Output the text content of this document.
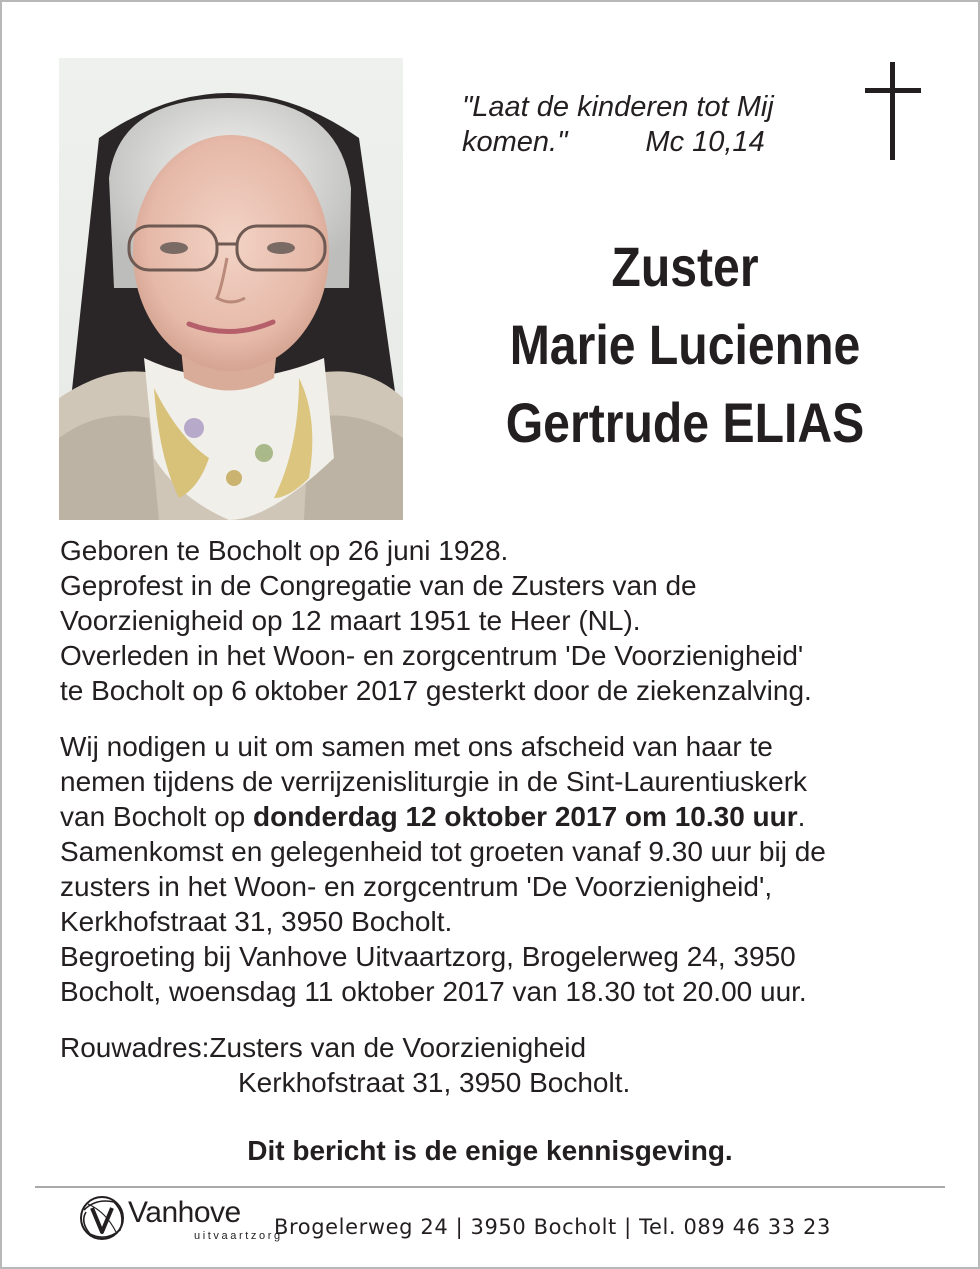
"Laat de kinderen tot Mij
komen."	Mc 10,14
Zuster
Marie Lucienne
Gertrude ELIAS
Geboren te Bocholt op 26 juni 1928.
Geprofest in de Congregatie van de Zusters van de
Voorzienigheid op 12 maart 1951 te Heer (NL).
Overleden in het Woon- en zorgcentrum 'De Voorzienigheid'
te Bocholt op 6 oktober 2017 gesterkt door de ziekenzalving.
Wij nodigen u uit om samen met ons afscheid van haar te
nemen tijdens de verrijzenisliturgie in de Sint-Laurentiuskerk
van Bocholt op donderdag 12 oktober 2017 om 10.30 uur.
Samenkomst en gelegenheid tot groeten vanaf 9.30 uur bij de
zusters in het Woon- en zorgcentrum 'De Voorzienigheid',
Kerkhofstraat 31, 3950 Bocholt.
Begroeting bij Vanhove Uitvaartzorg, Brogelerweg 24, 3950
Bocholt, woensdag 11 oktober 2017 van 18.30 tot 20.00 uur.
Rouwadres: Zusters van de Voorzienigheid
Kerkhofstraat 31, 3950 Bocholt.
Dit bericht is de enige kennisgeving.
Vanhove
uitvaartzorg
Brogelerweg 24 | 3950 Bocholt | Tel. 089 46 33 23
